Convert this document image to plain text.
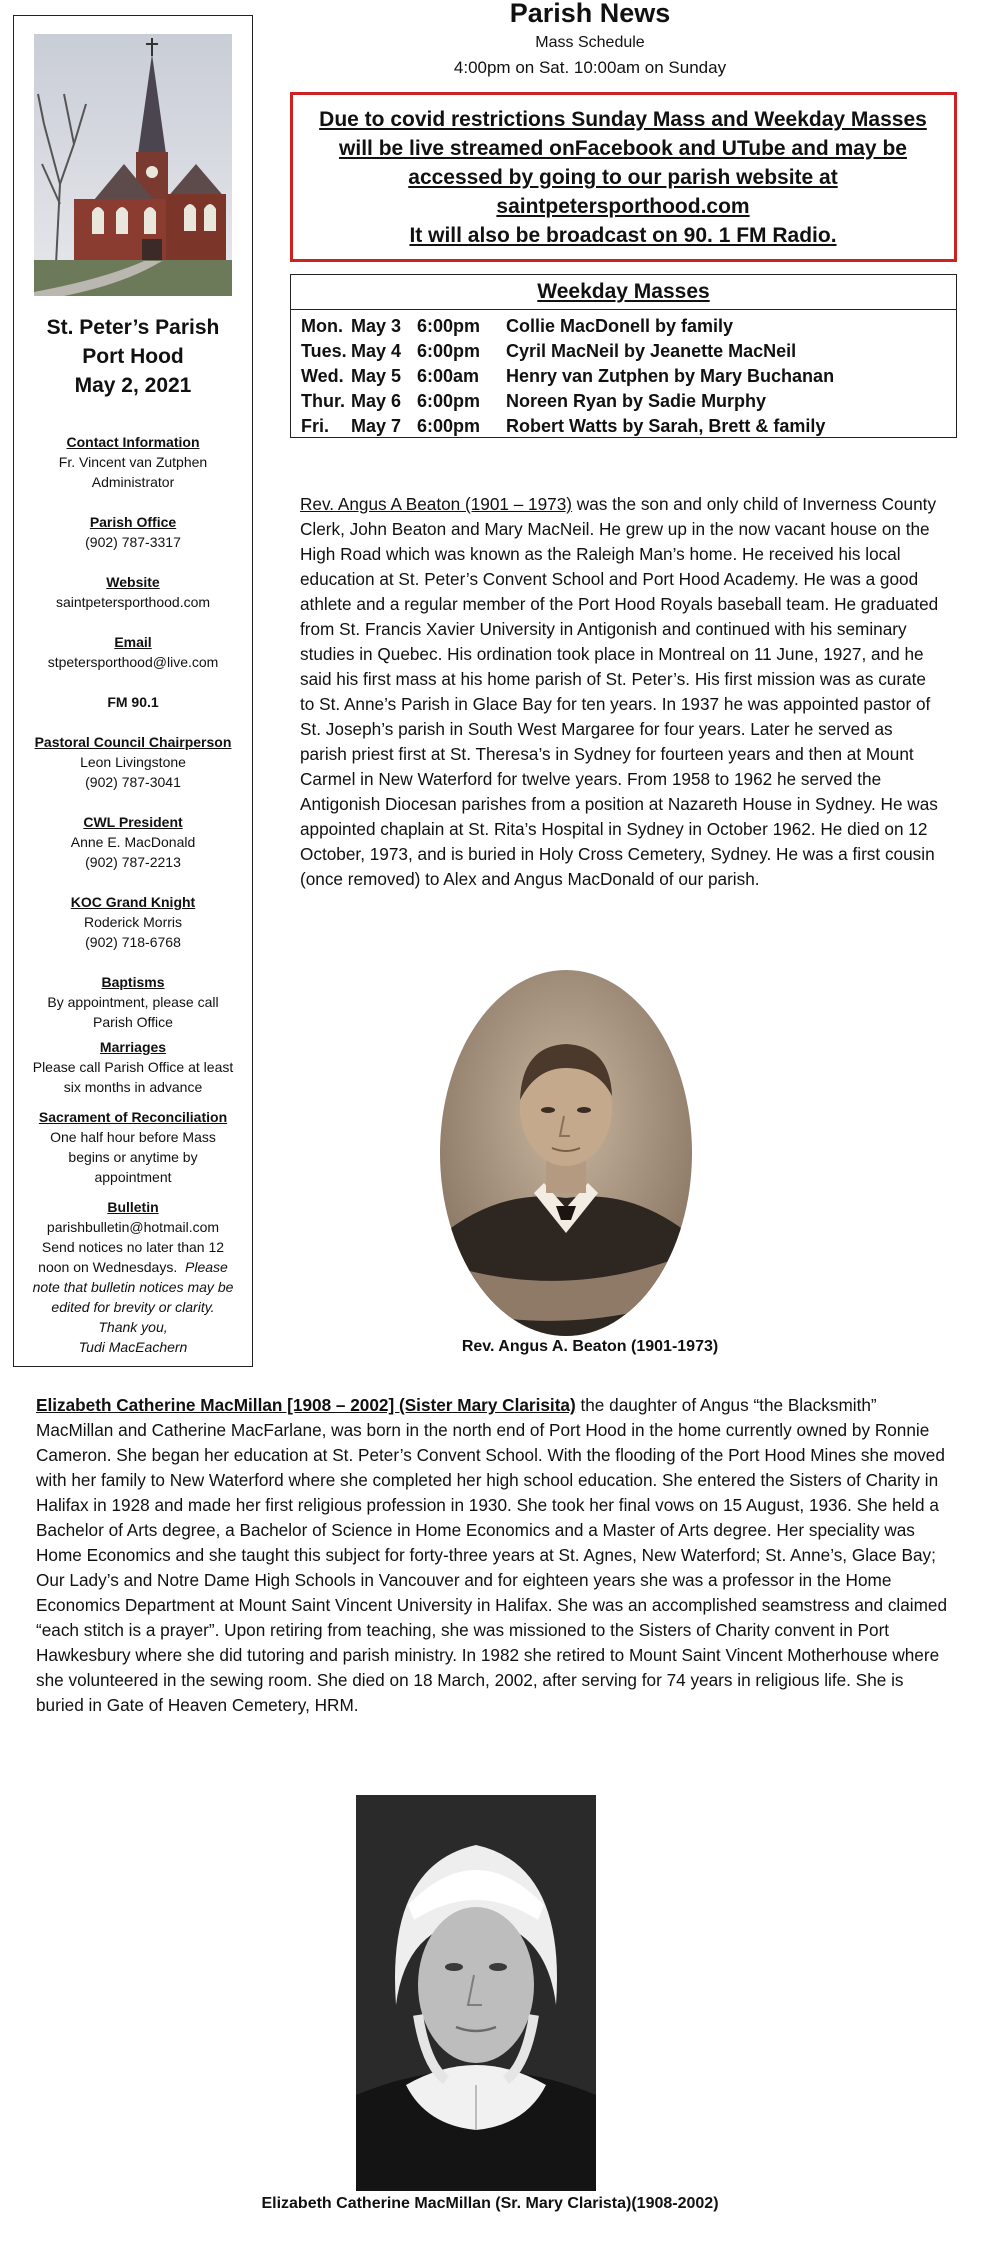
St. Peter’s Parish
Port Hood
May 2, 2021
Contact Information
Fr. Vincent van Zutphen
Administrator
Parish Office
(902) 787-3317
Website
saintpetersporthood.com
Email
stpetersporthood@live.com
FM 90.1
Pastoral Council Chairperson
Leon Livingstone
(902) 787-3041
CWL President
Anne E. MacDonald
(902) 787-2213
KOC Grand Knight
Roderick Morris
(902) 718-6768
Baptisms
By appointment, please call
Parish Office
Marriages
Please call Parish Office at least
six months in advance
Sacrament of Reconciliation
One half hour before Mass
begins or anytime by
appointment
Bulletin
parishbulletin@hotmail.com
Send notices no later than 12
noon on Wednesdays. Please
note that bulletin notices may be
edited for brevity or clarity.
Thank you,
Tudi MacEachern
Parish News
Mass Schedule
4:00pm on Sat. 10:00am on Sunday
Due to covid restrictions Sunday Mass and Weekday Masses
will be live streamed onFacebook and UTube and may be
accessed by going to our parish website at
saintpetersporthood.com
It will also be broadcast on 90. 1 FM Radio.
Weekday Masses
Mon. May 3 6:00pm Collie MacDonell by family
Tues. May 4 6:00pm Cyril MacNeil by Jeanette MacNeil
Wed. May 5 6:00am Henry van Zutphen by Mary Buchanan
Thur. May 6 6:00pm Noreen Ryan by Sadie Murphy
Fri. May 7 6:00pm Robert Watts by Sarah, Brett & family
Rev. Angus A Beaton (1901 – 1973) was the son and only child of Inverness County Clerk, John Beaton and Mary MacNeil. He grew up in the now vacant house on the High Road which was known as the Raleigh Man’s home. He received his local education at St. Peter’s Convent School and Port Hood Academy. He was a good athlete and a regular member of the Port Hood Royals baseball team. He graduated from St. Francis Xavier University in Antigonish and continued with his seminary studies in Quebec. His ordination took place in Montreal on 11 June, 1927, and he said his first mass at his home parish of St. Peter’s. His first mission was as curate to St. Anne’s Parish in Glace Bay for ten years. In 1937 he was appointed pastor of St. Joseph’s parish in South West Margaree for four years. Later he served as parish priest first at St. Theresa’s in Sydney for fourteen years and then at Mount Carmel in New Waterford for twelve years. From 1958 to 1962 he served the Antigonish Diocesan parishes from a position at Nazareth House in Sydney. He was appointed chaplain at St. Rita’s Hospital in Sydney in October 1962. He died on 12 October, 1973, and is buried in Holy Cross Cemetery, Sydney. He was a first cousin (once removed) to Alex and Angus MacDonald of our parish.
Rev. Angus A. Beaton (1901-1973)
Elizabeth Catherine MacMillan [1908 – 2002] (Sister Mary Clarisita) the daughter of Angus “the Blacksmith” MacMillan and Catherine MacFarlane, was born in the north end of Port Hood in the home currently owned by Ronnie Cameron. She began her education at St. Peter’s Convent School. With the flooding of the Port Hood Mines she moved with her family to New Waterford where she completed her high school education. She entered the Sisters of Charity in Halifax in 1928 and made her first religious profession in 1930. She took her final vows on 15 August, 1936. She held a Bachelor of Arts degree, a Bachelor of Science in Home Economics and a Master of Arts degree. Her speciality was Home Economics and she taught this subject for forty-three years at St. Agnes, New Waterford; St. Anne’s, Glace Bay; Our Lady’s and Notre Dame High Schools in Vancouver and for eighteen years she was a professor in the Home Economics Department at Mount Saint Vincent University in Halifax. She was an accomplished seamstress and claimed “each stitch is a prayer”. Upon retiring from teaching, she was missioned to the Sisters of Charity convent in Port Hawkesbury where she did tutoring and parish ministry. In 1982 she retired to Mount Saint Vincent Motherhouse where she volunteered in the sewing room. She died on 18 March, 2002, after serving for 74 years in religious life. She is buried in Gate of Heaven Cemetery, HRM.
Elizabeth Catherine MacMillan (Sr. Mary Clarista)(1908-2002)
